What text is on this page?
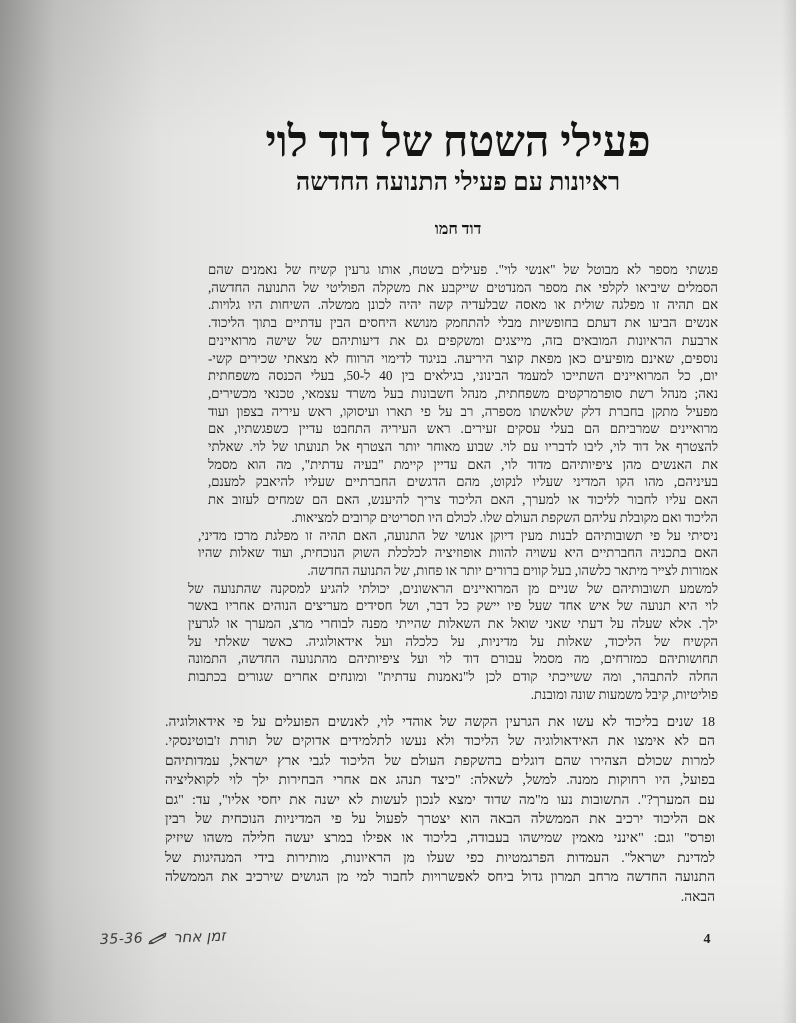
פעילי השטח של דוד לוי
ראיונות עם פעילי התנועה החדשה
דוד חמו
פגשתי מספר לא מבוטל של "אנשי לוי". פעילים בשטח, אותו גרעין קשיח של נאמנים שהם
הסמלים שיביאו לקלפי את מספר המנדטים שייקבע את משקלה הפוליטי של התנועה החדשה,
אם תהיה זו מפלגה שולית או מאסה שבלעדיה קשה יהיה לכונן ממשלה. השיחות היו גלויות.
אנשים הביעו את דעתם בחופשיות מבלי להתחמק מנושא היחסים הבין עדתיים בתוך הליכוד.
ארבעת הראיונות המובאים בזה, מייצגים ומשקפים גם את דיעותיהם של שישה מרואיינים
נוספים, שאינם מופיעים כאן מפאת קוצר היריעה. בניגוד לדימוי הרווח לא מצאתי שכירים קשי-
יום, כל המרואיינים השתייכו למעמד הבינוני, בגילאים בין 40 ל-50, בעלי הכנסה משפחתית
נאה; מנהל רשת סופרמרקטים משפחתית, מנהל חשבונות בעל משרד עצמאי, טכנאי מכשירים,
מפעיל מתקן בחברת דלק שלאשתו מספרה, רב על פי תארו ועיסוקו, ראש עיריה בצפון ועוד
מרואיינים שמרביתם הם בעלי עסקים זעירים. ראש העיריה התחבט עדיין כשפגשתיו, אם
להצטרף אל דוד לוי, ליבו לדבריו עם לוי. שבוע מאוחר יותר הצטרף אל תנועתו של לוי. שאלתי
את האנשים מהן ציפיותיהם מדוד לוי, האם עדיין קיימת "בעיה עדתית", מה הוא מסמל
בעיניהם, מהו הקו המדיני שעליו לנקוט, מהם הדגשים החברתיים שעליו להיאבק למענם,
האם עליו לחבור לליכוד או למערך, האם הליכוד צריך להיענש, האם הם שמחים לעזוב את
הליכוד ואם מקובלת עליהם השקפת העולם שלו. לכולם היו תסריטים קרובים למציאות.
ניסיתי על פי תשובותיהם לבנות מעין דיוקן אנושי של התנועה, האם תהיה זו מפלגת מרכז מדיני,
האם בתכניה החברתיים היא עשויה להוות אופוזיציה לכלכלת השוק הנוכחית, ועוד שאלות שהיו
אמורות לצייר מיתאר כלשהו, בעל קווים ברורים יותר או פחות, של התנועה החדשה.
למשמע תשובותיהם של שניים מן המרואיינים הראשונים, יכולתי להגיע למסקנה שהתנועה של
לוי היא תנועה של איש אחד שעל פיו יישק כל דבר, ושל חסידים מעריצים הנוהים אחריו באשר
ילך. אלא שעלה על דעתי שאני שואל את השאלות שהייתי מפנה לבוחרי מרצ, המערך או לגרעין
הקשיח של הליכוד, שאלות על מדיניות, על כלכלה ועל אידאולוגיה. כאשר שאלתי על
תחושותיהם כמזרחים, מה מסמל עבורם דוד לוי ועל ציפיותיהם מהתנועה החדשה, התמונה
החלה להתבהר, ומה ששייכתי קודם לכן ל"נאמנות עדתית" ומונחים אחרים שגורים בכתבות
פוליטיות, קיבל משמעות שונה ומובנת.
18 שנים בליכוד לא עשו את הגרעין הקשה של אוהדי לוי, לאנשים הפועלים על פי אידאולוגיה.
הם לא אימצו את האידאולוגיה של הליכוד ולא נעשו לתלמידים אדוקים של תורת ז'בוטינסקי.
למרות שכולם הצהירו שהם דוגלים בהשקפת העולם של הליכוד לגבי ארץ ישראל, עמדותיהם
בפועל, היו רחוקות ממנה. למשל, לשאלה: "כיצד תנהג אם אחרי הבחירות ילך לוי לקואליציה
עם המערך?". התשובות נעו מ"מה שדוד ימצא לנכון לעשות לא ישנה את יחסי אליו", עד: "גם
אם הליכוד ירכיב את הממשלה הבאה הוא יצטרך לפעול על פי המדיניות הנוכחית של רבין
ופרס" וגם: "אינני מאמין שמישהו בעבודה, בליכוד או אפילו במרצ יעשה חלילה משהו שיזיק
למדינת ישראל". העמדות הפרגמטיות כפי שעלו מן הראיונות, מותירות בידי המנהיגות של
התנועה החדשה מרחב תמרון גדול ביחס לאפשרויות לחבור למי מן הגושים שירכיב את הממשלה
הבאה.
35-36 זמן אחר	4
